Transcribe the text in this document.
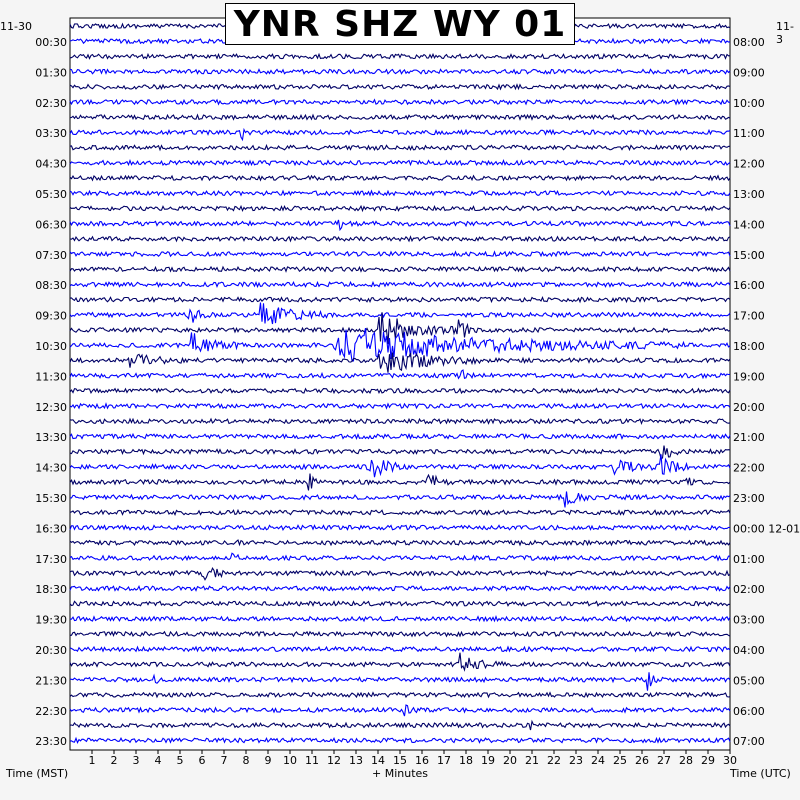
1 2 3 4 5 6 7 8 9 10 11 12 13 14 15 16 17 18 19 20 21 22 23 24 25 26 27 28 29 30
00:30
01:30
02:30
03:30
04:30
05:30
06:30
07:30
08:30
09:30
10:30
11:30
12:30
13:30
14:30
15:30
16:30
17:30
18:30
19:30
20:30
21:30
22:30
23:30
08:00
09:00
10:00
11:00
12:00
13:00
14:00
15:00
16:00
17:00
18:00
19:00
20:00
21:00
22:00
23:00
00:00 12-01
01:00
02:00
03:00
04:00
05:00
06:00
07:00
YNR SHZ WY 01
11-30	11-3
Time (MST)	+ Minutes	Time (UTC)
